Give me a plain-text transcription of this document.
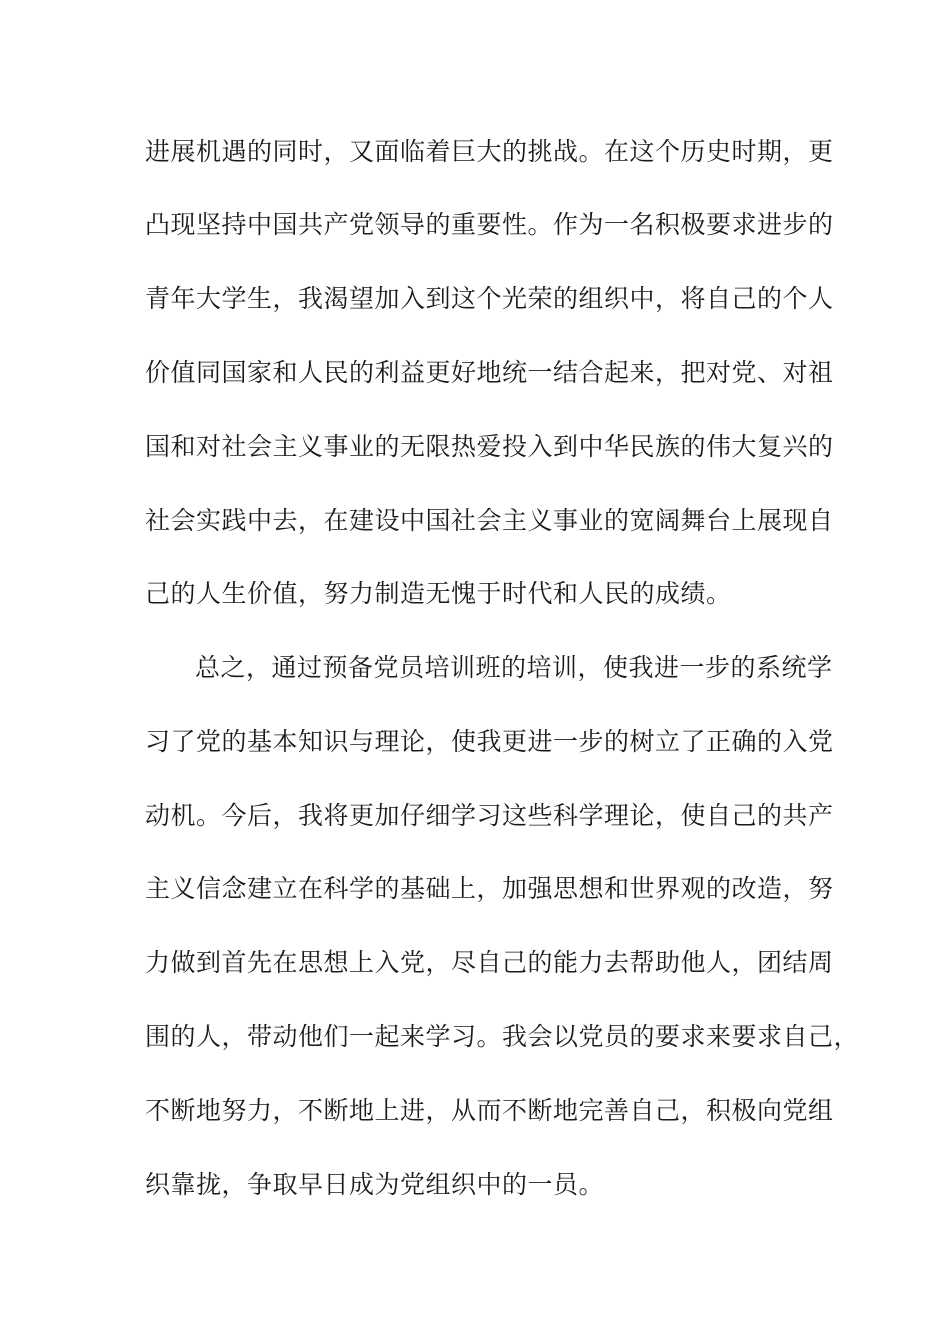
进展机遇的同时，又面临着巨大的挑战。在这个历史时期，更
凸现坚持中国共产党领导的重要性。作为一名积极要求进步的
青年大学生，我渴望加入到这个光荣的组织中，将自己的个人
价值同国家和人民的利益更好地统一结合起来，把对党、对祖
国和对社会主义事业的无限热爱投入到中华民族的伟大复兴的
社会实践中去，在建设中国社会主义事业的宽阔舞台上展现自
己的人生价值，努力制造无愧于时代和人民的成绩。
总之，通过预备党员培训班的培训，使我进一步的系统学
习了党的基本知识与理论，使我更进一步的树立了正确的入党
动机。今后，我将更加仔细学习这些科学理论，使自己的共产
主义信念建立在科学的基础上，加强思想和世界观的改造，努
力做到首先在思想上入党，尽自己的能力去帮助他人，团结周
围的人，带动他们一起来学习。我会以党员的要求来要求自己，
不断地努力，不断地上进，从而不断地完善自己，积极向党组
织靠拢，争取早日成为党组织中的一员。
